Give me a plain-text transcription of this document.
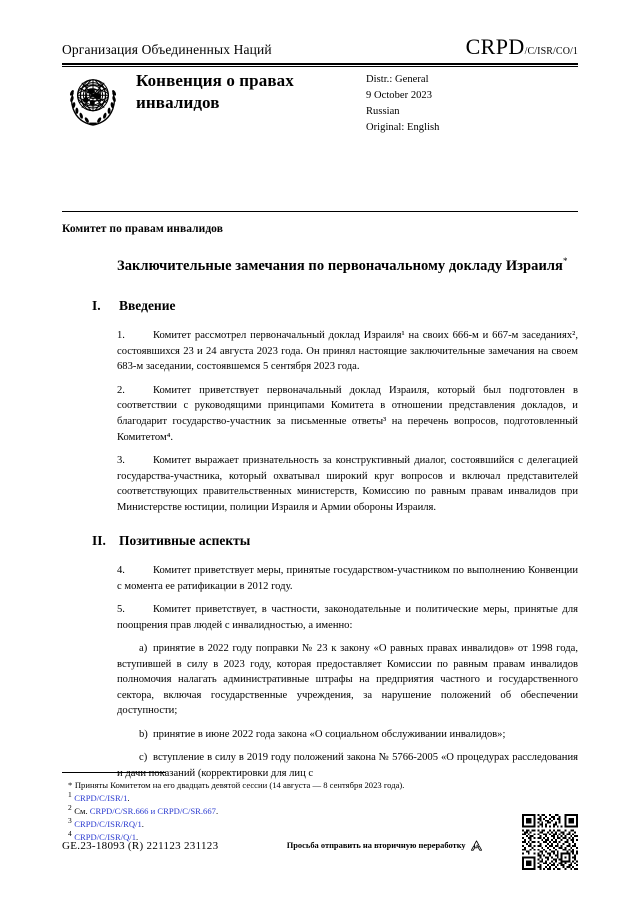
Организация Объединенных Наций	CRPD /C/ISR/CO/1
Конвенция о правах инвалидов
Distr.: General
9 October 2023
Russian
Original: English
Комитет по правам инвалидов
Заключительные замечания по первоначальному докладу Израиля*
I.	Введение
1.	Комитет рассмотрел первоначальный доклад Израиля¹ на своих 666-м и 667-м заседаниях², состоявшихся 23 и 24 августа 2023 года. Он принял настоящие заключительные замечания на своем 683-м заседании, состоявшемся 5 сентября 2023 года.
2.	Комитет приветствует первоначальный доклад Израиля, который был подготовлен в соответствии с руководящими принципами Комитета в отношении представления докладов, и благодарит государство-участник за письменные ответы³ на перечень вопросов, подготовленный Комитетом⁴.
3.	Комитет выражает признательность за конструктивный диалог, состоявшийся с делегацией государства-участника, который охватывал широкий круг вопросов и включал представителей соответствующих правительственных министерств, Комиссию по равным правам инвалидов при Министерстве юстиции, полиции Израиля и Армии обороны Израиля.
II. Позитивные аспекты
4.	Комитет приветствует меры, принятые государством-участником по выполнению Конвенции с момента ее ратификации в 2012 году.
5.	Комитет приветствует, в частности, законодательные и политические меры, принятые для поощрения прав людей с инвалидностью, а именно:
a) принятие в 2022 году поправки № 23 к закону «О равных правах инвалидов» от 1998 года, вступившей в силу в 2023 году, которая предоставляет Комиссии по равным правам инвалидов полномочия налагать административные штрафы на предприятия частного и государственного сектора, включая государственные учреждения, за нарушение положений об обеспечении доступности;
b) принятие в июне 2022 года закона «О социальном обслуживании инвалидов»;
c) вступление в силу в 2019 году положений закона № 5766-2005 «О процедурах расследования и дачи показаний (корректировки для лиц с
* Приняты Комитетом на его двадцать девятой сессии (14 августа — 8 сентября 2023 года).
1 CRPD/C/ISR/1.
2 См. CRPD/C/SR.666 и CRPD/C/SR.667.
3 CRPD/C/ISR/RQ/1.
4 CRPD/C/ISR/Q/1.
GE.23-18093 (R) 221123 231123	Просьба отправить на вторичную переработку
